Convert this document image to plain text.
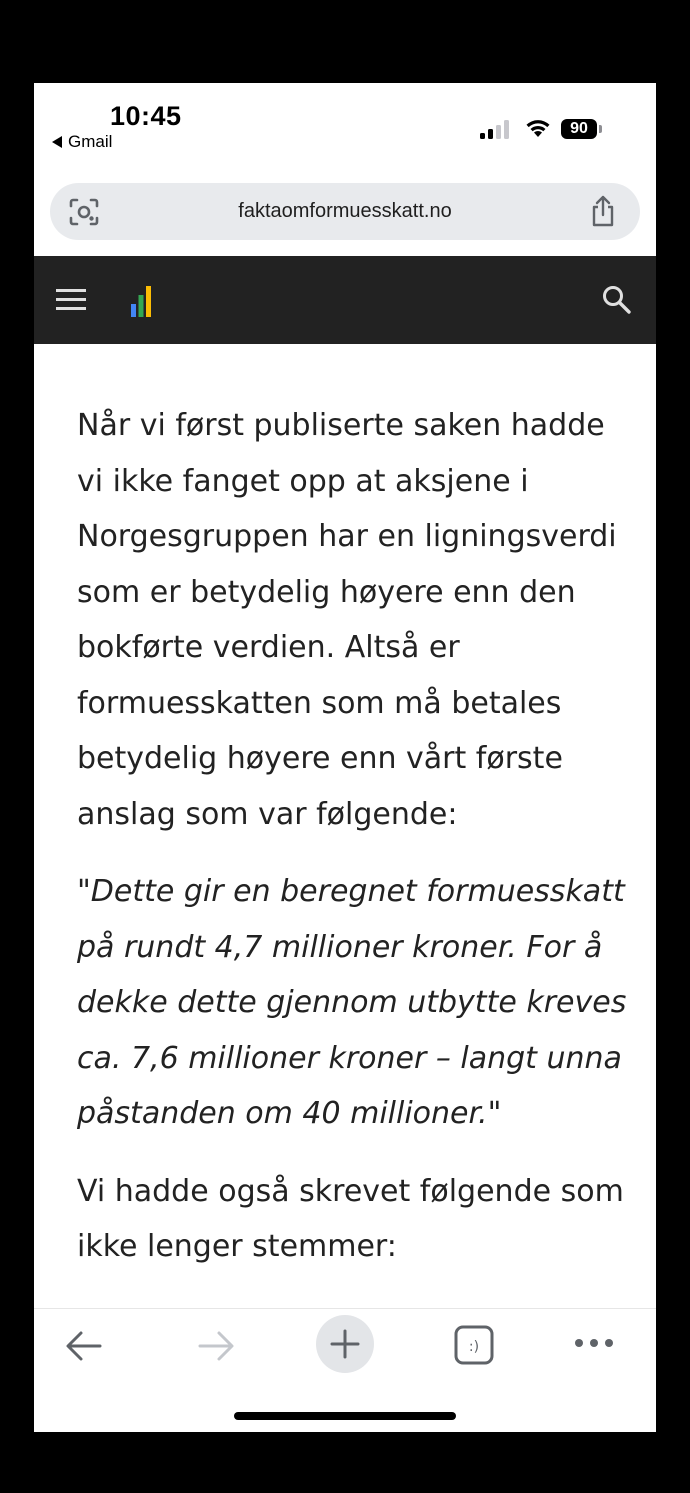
10:45
Gmail
90
faktaomformuesskatt.no

Når vi først publiserte saken hadde
vi ikke fanget opp at aksjene i
Norgesgruppen har en ligningsverdi
som er betydelig høyere enn den
bokførte verdien. Altså er
formuesskatten som må betales
betydelig høyere enn vårt første
anslag som var følgende:

"Dette gir en beregnet formuesskatt
på rundt 4,7 millioner kroner. For å
dekke dette gjennom utbytte kreves
ca. 7,6 millioner kroner – langt unna
påstanden om 40 millioner."

Vi hadde også skrevet følgende som
ikke lenger stemmer:

:)
